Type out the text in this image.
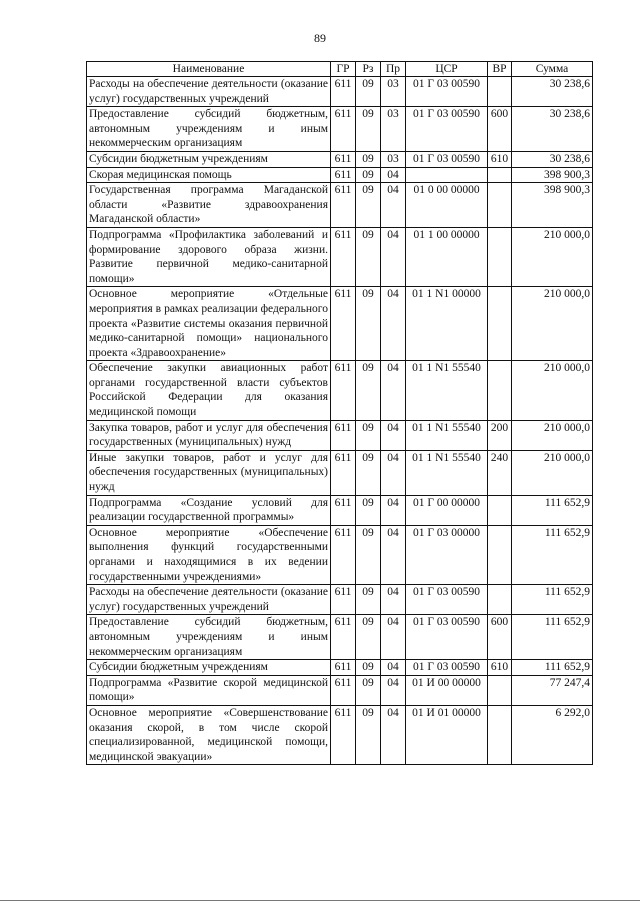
89
Наименование	ГР	Рз	Пр	ЦСР	ВР	Сумма
Расходы на обеспечение деятельности (оказание услуг) государственных учреждений	611	09	03	01 Г 03 00590		30 238,6
Предоставление субсидий бюджетным, автономным учреждениям и иным некоммерческим организациям	611	09	03	01 Г 03 00590	600	30 238,6
Субсидии бюджетным учреждениям	611	09	03	01 Г 03 00590	610	30 238,6
Скорая медицинская помощь	611	09	04			398 900,3
Государственная программа Магаданской области «Развитие здравоохранения Магаданской области»	611	09	04	01 0 00 00000		398 900,3
Подпрограмма «Профилактика заболеваний и формирование здорового образа жизни. Развитие первичной медико-санитарной помощи»	611	09	04	01 1 00 00000		210 000,0
Основное мероприятие «Отдельные мероприятия в рамках реализации федерального проекта «Развитие системы оказания первичной медико-санитарной помощи» национального проекта «Здравоохранение»	611	09	04	01 1 N1 00000		210 000,0
Обеспечение закупки авиационных работ органами государственной власти субъектов Российской Федерации для оказания медицинской помощи	611	09	04	01 1 N1 55540		210 000,0
Закупка товаров, работ и услуг для обеспечения государственных (муниципальных) нужд	611	09	04	01 1 N1 55540	200	210 000,0
Иные закупки товаров, работ и услуг для обеспечения государственных (муниципальных) нужд	611	09	04	01 1 N1 55540	240	210 000,0
Подпрограмма «Создание условий для реализации государственной программы»	611	09	04	01 Г 00 00000		111 652,9
Основное мероприятие «Обеспечение выполнения функций государственными органами и находящимися в их ведении государственными учреждениями»	611	09	04	01 Г 03 00000		111 652,9
Расходы на обеспечение деятельности (оказание услуг) государственных учреждений	611	09	04	01 Г 03 00590		111 652,9
Предоставление субсидий бюджетным, автономным учреждениям и иным некоммерческим организациям	611	09	04	01 Г 03 00590	600	111 652,9
Субсидии бюджетным учреждениям	611	09	04	01 Г 03 00590	610	111 652,9
Подпрограмма «Развитие скорой медицинской помощи»	611	09	04	01 И 00 00000		77 247,4
Основное мероприятие «Совершенствование оказания скорой, в том числе скорой специализированной, медицинской помощи, медицинской эвакуации»	611	09	04	01 И 01 00000		6 292,0
